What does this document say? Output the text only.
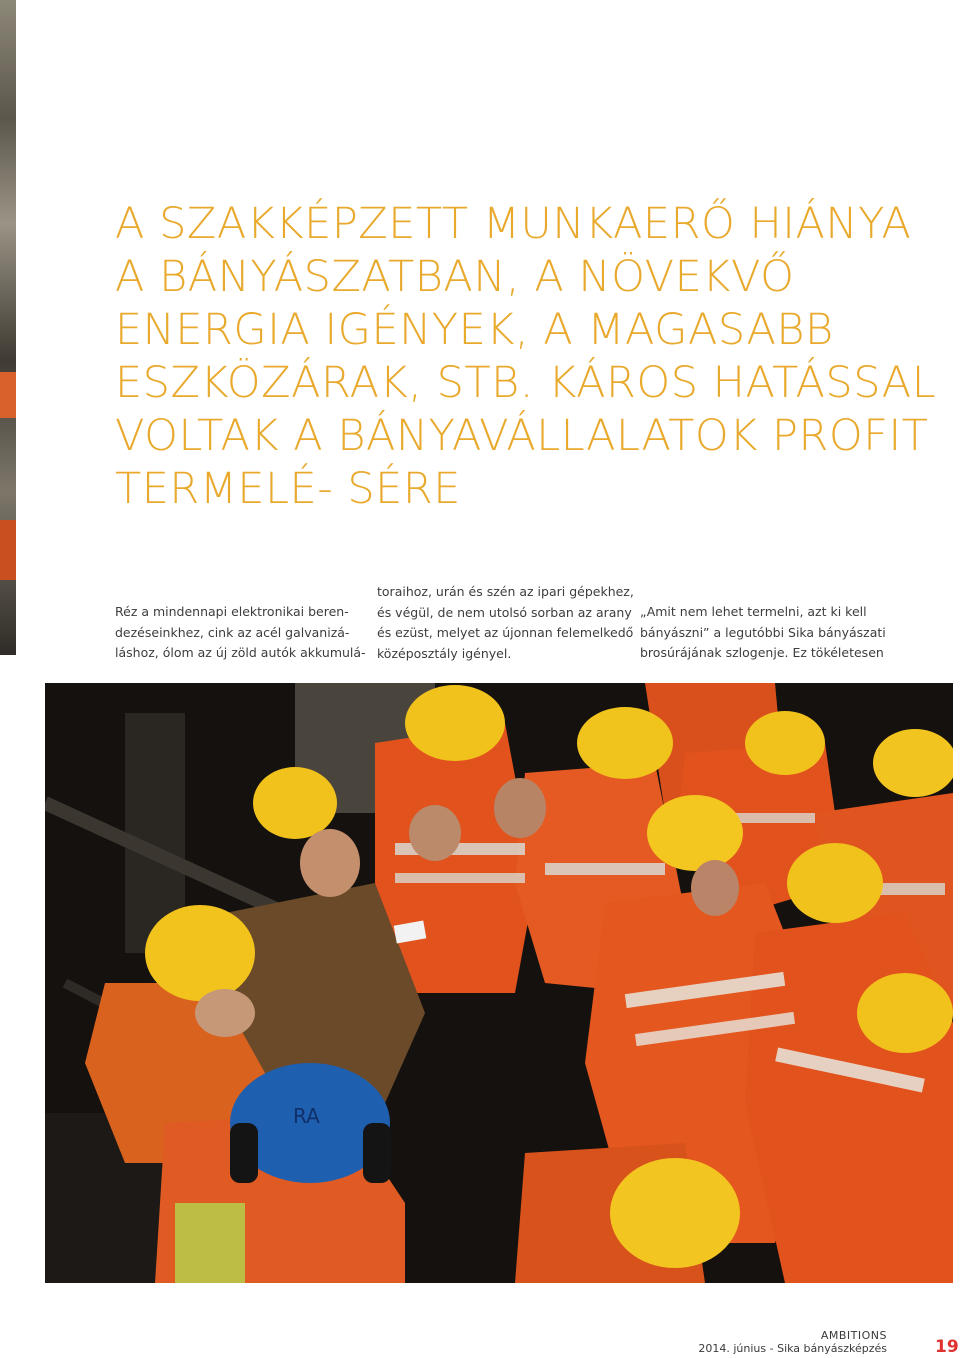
A SZAKKÉPZETT MUNKAERŐ HIÁNYA A BÁNYÁSZATBAN, A NÖVEKVŐ ENERGIA IGÉNYEK, A MAGASABB ESZKÖZÁRAK, STB. KÁROS HATÁSSAL VOLTAK A BÁNYAVÁLLALATOK PROFIT TERMELÉ- SÉRE

Réz a mindennapi elektronikai beren-
dezéseinkhez, cink az acél galvanizá-
láshoz, ólom az új zöld autók akkumulá-

toraihoz, urán és szén az ipari gépekhez,
és végül, de nem utolsó sorban az arany
és ezüst, melyet az újonnan felemelkedő
középosztály igényel.

„Amit nem lehet termelni, azt ki kell
bányászni” a legutóbbi Sika bányászati
brosúrájának szlogenje. Ez tökéletesen

RA
AMBITIONS
2014. június - Sika bányászképzés	19
